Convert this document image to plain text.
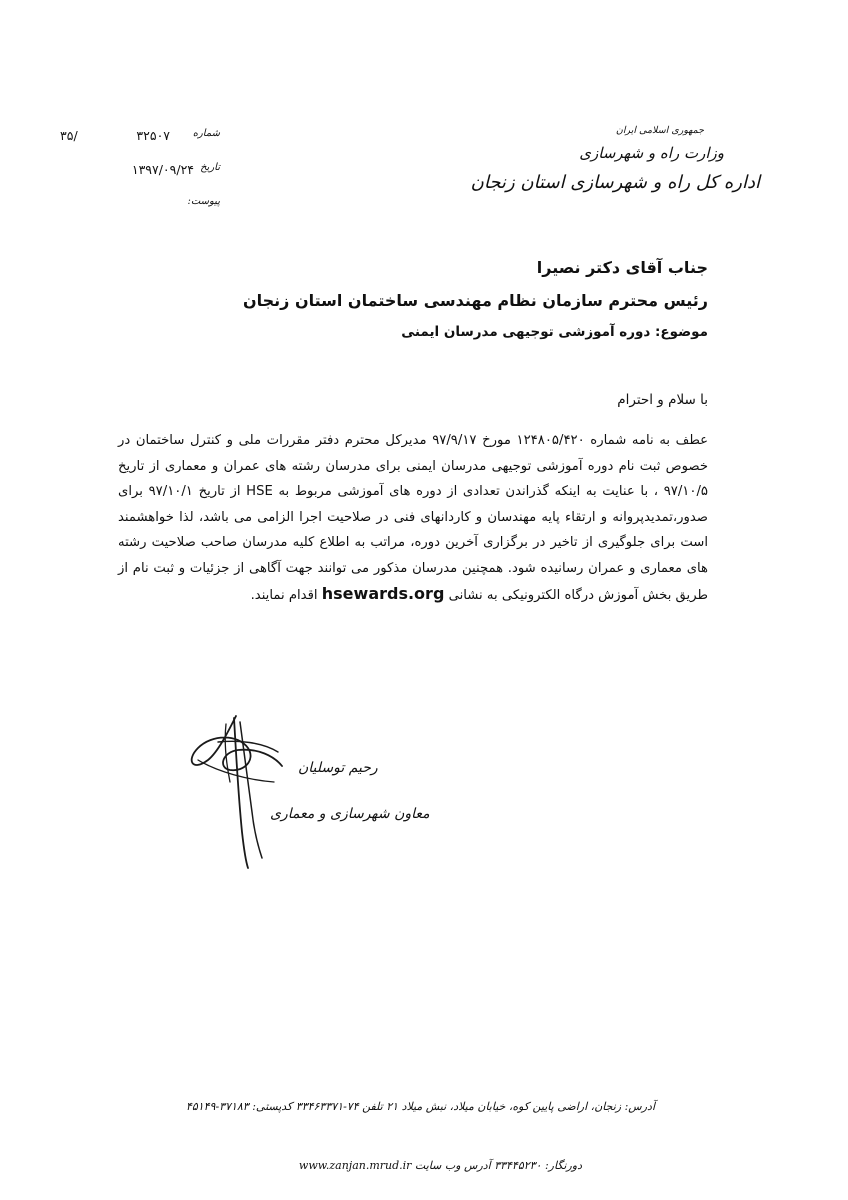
جمهوری اسلامی ایران
وزارت راه و شهرسازی
اداره کل راه و شهرسازی استان زنجان
شماره
۳۲۵۰۷
/۳۵
تاریخ
۱۳۹۷/۰۹/۲۴
پیوست:
جناب آقای دکتر نصیرا
رئیس محترم سازمان نظام مهندسی ساختمان استان زنجان
موضوع: دوره آموزشی توجیهی مدرسان ایمنی
با سلام و احترام
عطف به نامه شماره ۱۲۴۸۰۵/۴۲۰ مورخ ۹۷/۹/۱۷ مدیرکل محترم دفتر مقررات ملی و کنترل ساختمان در خصوص ثبت نام دوره آموزشی توجیهی مدرسان ایمنی برای مدرسان رشته های عمران و معماری از تاریخ ۹۷/۱۰/۵ ، با عنایت به اینکه گذراندن تعدادی از دوره های آموزشی مربوط به HSE از تاریخ ۹۷/۱۰/۱ برای صدور،تمدیدپروانه و ارتقاء پایه مهندسان و کاردانهای فنی در صلاحیت اجرا الزامی می باشد، لذا خواهشمند است برای جلوگیری از تاخیر در برگزاری آخرین دوره، مراتب به اطلاع کلیه مدرسان صاحب صلاحیت رشته های معماری و عمران رسانیده شود. همچنین مدرسان مذکور می توانند جهت آگاهی از جزئیات و ثبت نام از طریق بخش آموزش درگاه الکترونیکی به نشانی hsewards.org اقدام نمایند.
رحیم توسلیان
معاون شهرسازی و معماری
آدرس: زنجان، اراضی پایین کوه، خیابان میلاد، نبش میلاد ۲۱ تلفن ۷۴-۳۳۴۶۳۳۷۱ کدپستی: ۳۷۱۸۳-۴۵۱۴۹
دورنگار: ۳۳۴۴۵۲۳۰ آدرس وب سایت www.zanjan.mrud.ir
